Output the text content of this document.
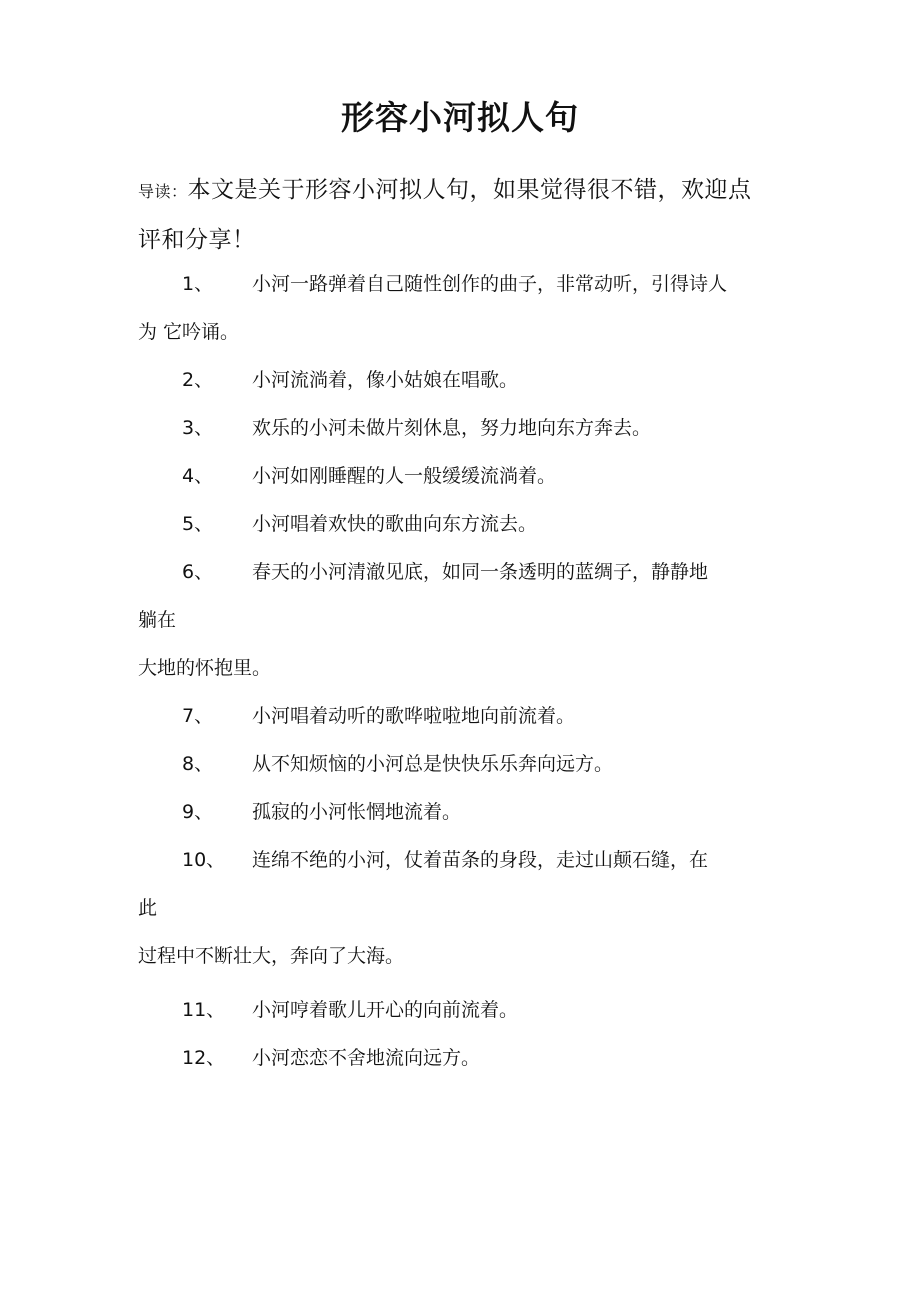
形容小河拟人句
导读：本文是关于形容小河拟人句，如果觉得很不错，欢迎点
评和分享！
1、 小河一路弹着自己随性创作的曲子，非常动听，引得诗人
为 它吟诵。
2、 小河流淌着，像小姑娘在唱歌。
3、 欢乐的小河未做片刻休息，努力地向东方奔去。
4、 小河如刚睡醒的人一般缓缓流淌着。
5、 小河唱着欢快的歌曲向东方流去。
6、 春天的小河清澈见底，如同一条透明的蓝绸子，静静地
躺在
大地的怀抱里。
7、 小河唱着动听的歌哗啦啦地向前流着。
8、 从不知烦恼的小河总是快快乐乐奔向远方。
9、 孤寂的小河怅惘地流着。
10、 连绵不绝的小河，仗着苗条的身段，走过山颠石缝，在
此
过程中不断壮大，奔向了大海。
11、 小河哼着歌儿开心的向前流着。
12、 小河恋恋不舍地流向远方。
